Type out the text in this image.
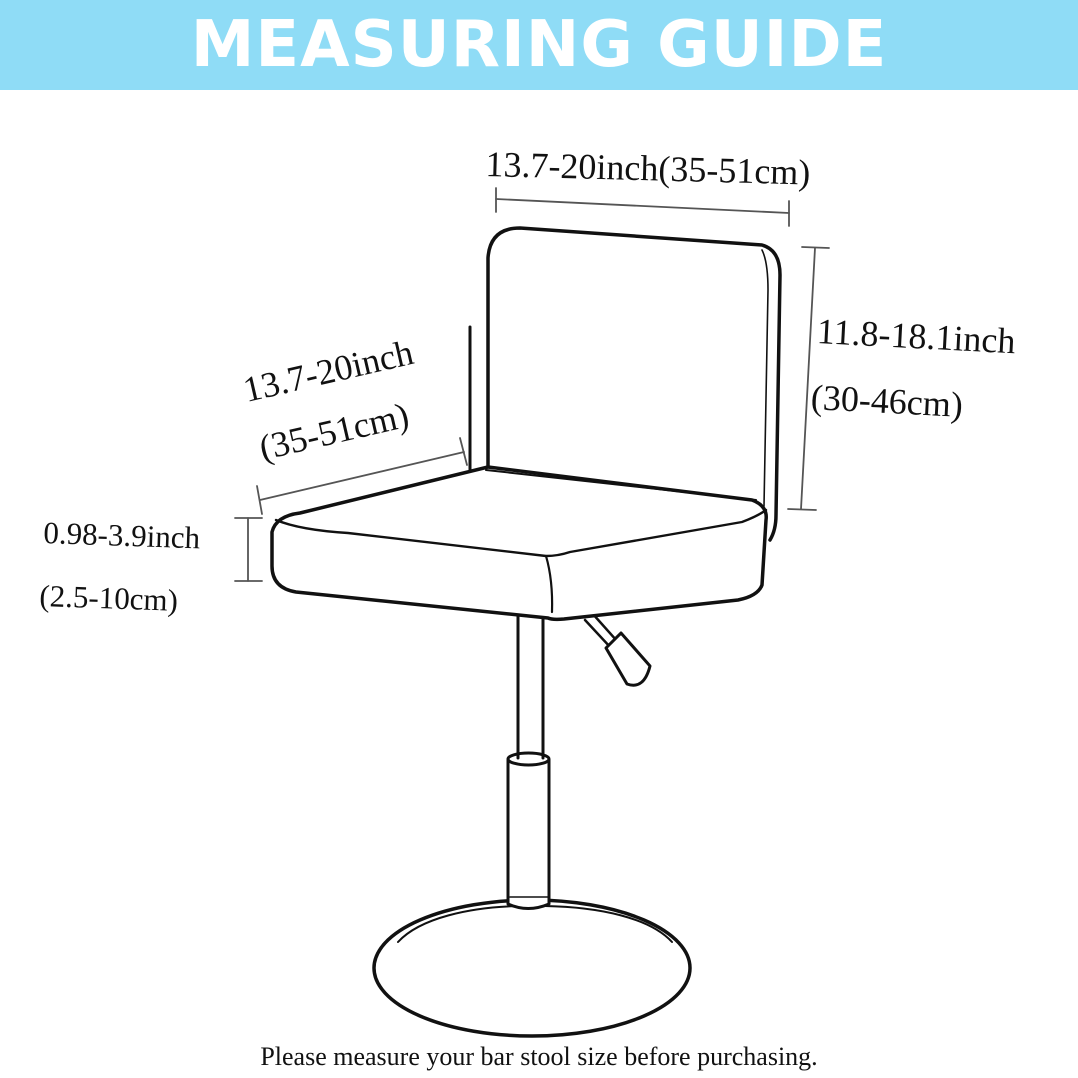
MEASURING GUIDE
13.7-20inch(35-51cm)
13.7-20inch
(35-51cm)
11.8-18.1inch
(30-46cm)
0.98-3.9inch
(2.5-10cm)
Please measure your bar stool size before purchasing.
